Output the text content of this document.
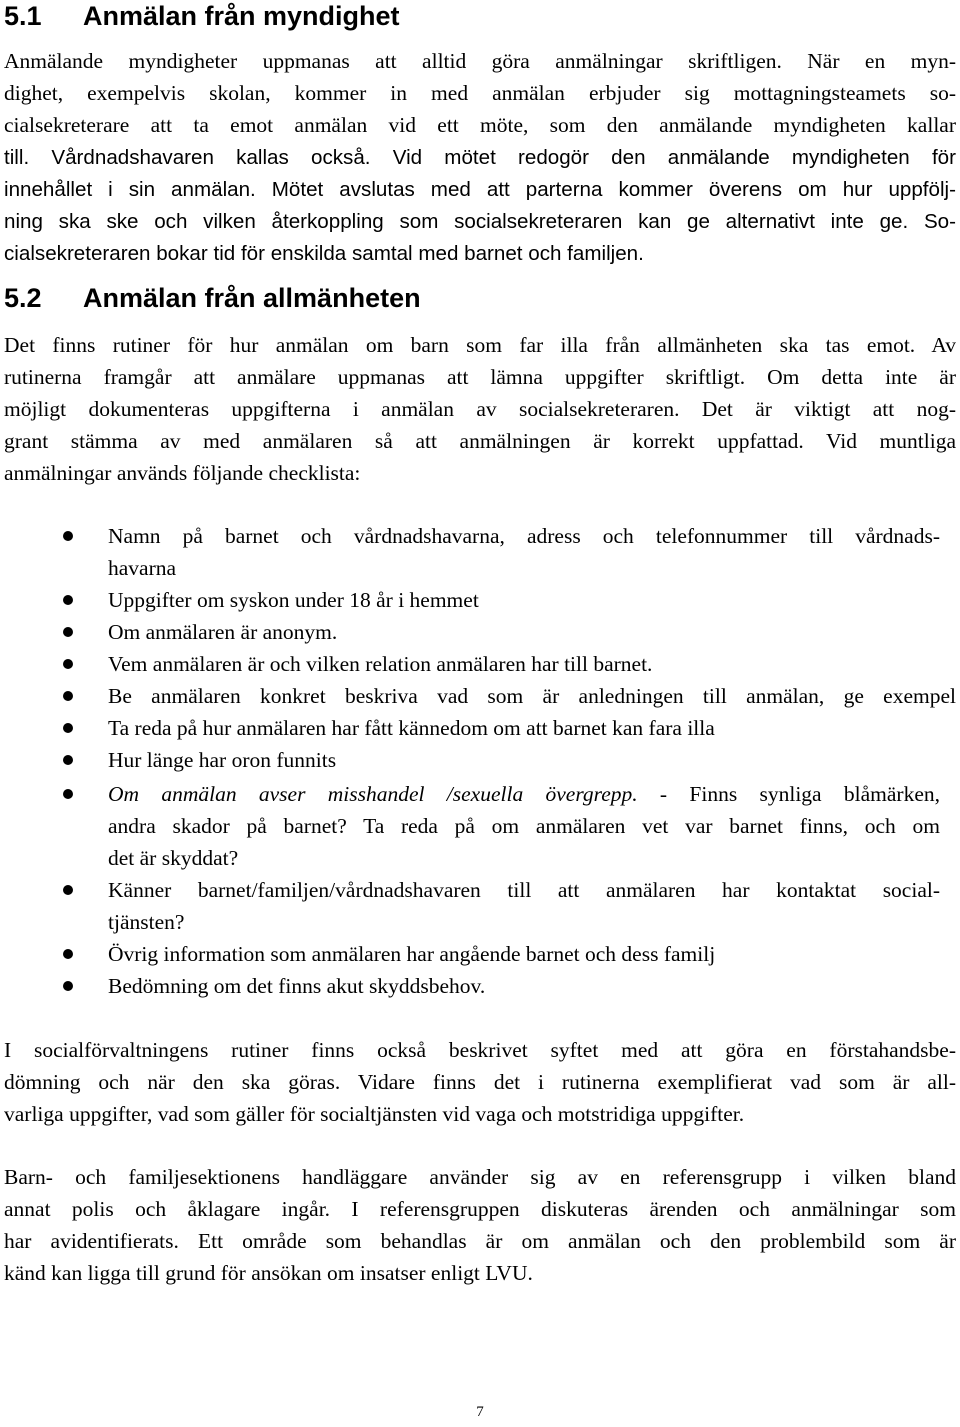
5.1 Anmälan från myndighet

Anmälande myndigheter uppmanas att alltid göra anmälningar skriftligen. När en myn-

dighet, exempelvis skolan, kommer in med anmälan erbjuder sig mottagningsteamets so-

cialsekreterare att ta emot anmälan vid ett möte, som den anmälande myndigheten kallar

till. Vårdnadshavaren kallas också. Vid mötet redogör den anmälande myndigheten för

innehållet i sin anmälan. Mötet avslutas med att parterna kommer överens om hur uppfölj-

ning ska ske och vilken återkoppling som socialsekreteraren kan ge alternativt inte ge. So-

cialsekreteraren bokar tid för enskilda samtal med barnet och familjen.

5.2 Anmälan från allmänheten

Det finns rutiner för hur anmälan om barn som far illa från allmänheten ska tas emot. Av

rutinerna framgår att anmälare uppmanas att lämna uppgifter skriftligt. Om detta inte är

möjligt dokumenteras uppgifterna i anmälan av socialsekreteraren. Det är viktigt att nog-

grant stämma av med anmälaren så att anmälningen är korrekt uppfattad. Vid muntliga

anmälningar används följande checklista:

Namn på barnet och vårdnadshavarna, adress och telefonnummer till vårdnads-

havarna

Uppgifter om syskon under 18 år i hemmet

Om anmälaren är anonym.

Vem anmälaren är och vilken relation anmälaren har till barnet.

Be anmälaren konkret beskriva vad som är anledningen till anmälan, ge exempel

Ta reda på hur anmälaren har fått kännedom om att barnet kan fara illa

Hur länge har oron funnits

Om anmälan avser misshandel /sexuella övergrepp. - Finns synliga blåmärken,

andra skador på barnet? Ta reda på om anmälaren vet var barnet finns, och om

det är skyddat?

Känner barnet/familjen/vårdnadshavaren till att anmälaren har kontaktat social-

tjänsten?

Övrig information som anmälaren har angående barnet och dess familj

Bedömning om det finns akut skyddsbehov.

I socialförvaltningens rutiner finns också beskrivet syftet med att göra en förstahandsbe-

dömning och när den ska göras. Vidare finns det i rutinerna exemplifierat vad som är all-

varliga uppgifter, vad som gäller för socialtjänsten vid vaga och motstridiga uppgifter.

Barn- och familjesektionens handläggare använder sig av en referensgrupp i vilken bland

annat polis och åklagare ingår. I referensgruppen diskuteras ärenden och anmälningar som

har avidentifierats. Ett område som behandlas är om anmälan och den problembild som är

känd kan ligga till grund för ansökan om insatser enligt LVU.

7
